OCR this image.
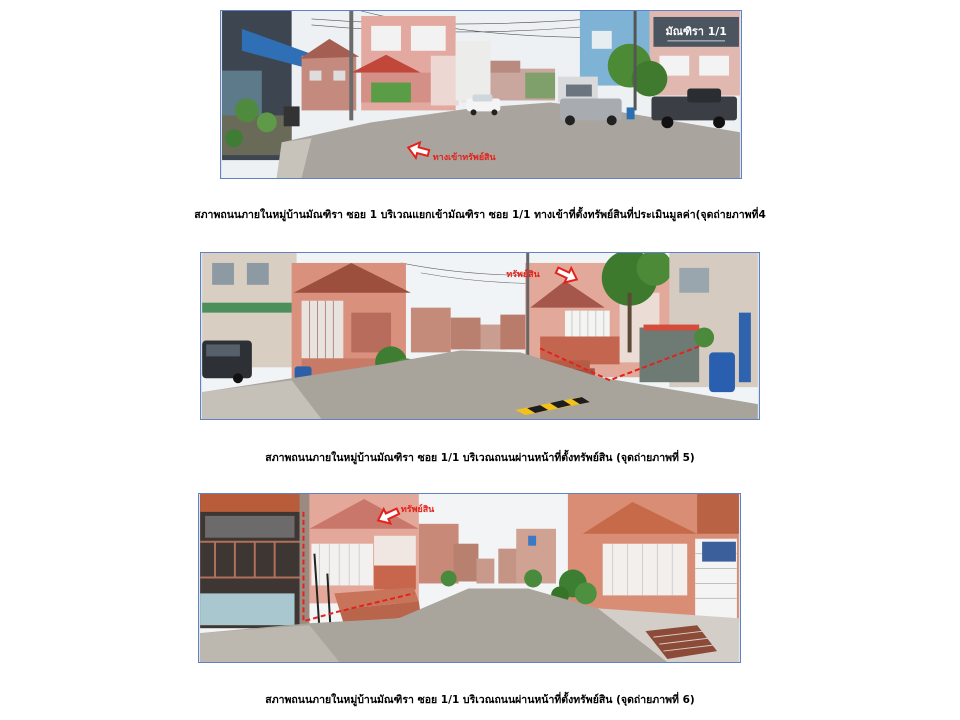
มัณฑิรา 1/1
ทางเข้าทรัพย์สิน
สภาพถนนภายในหมู่บ้านมัณฑิรา ซอย 1 บริเวณแยกเข้ามัณฑิรา ซอย 1/1 ทางเข้าที่ตั้งทรัพย์สินที่ประเมินมูลค่า(จุดถ่ายภาพที่4
ทรัพย์สิน
สภาพถนนภายในหมู่บ้านมัณฑิรา ซอย 1/1 บริเวณถนนผ่านหน้าที่ตั้งทรัพย์สิน (จุดถ่ายภาพที่ 5)
ทรัพย์สิน
สภาพถนนภายในหมู่บ้านมัณฑิรา ซอย 1/1 บริเวณถนนผ่านหน้าที่ตั้งทรัพย์สิน (จุดถ่ายภาพที่ 6)
